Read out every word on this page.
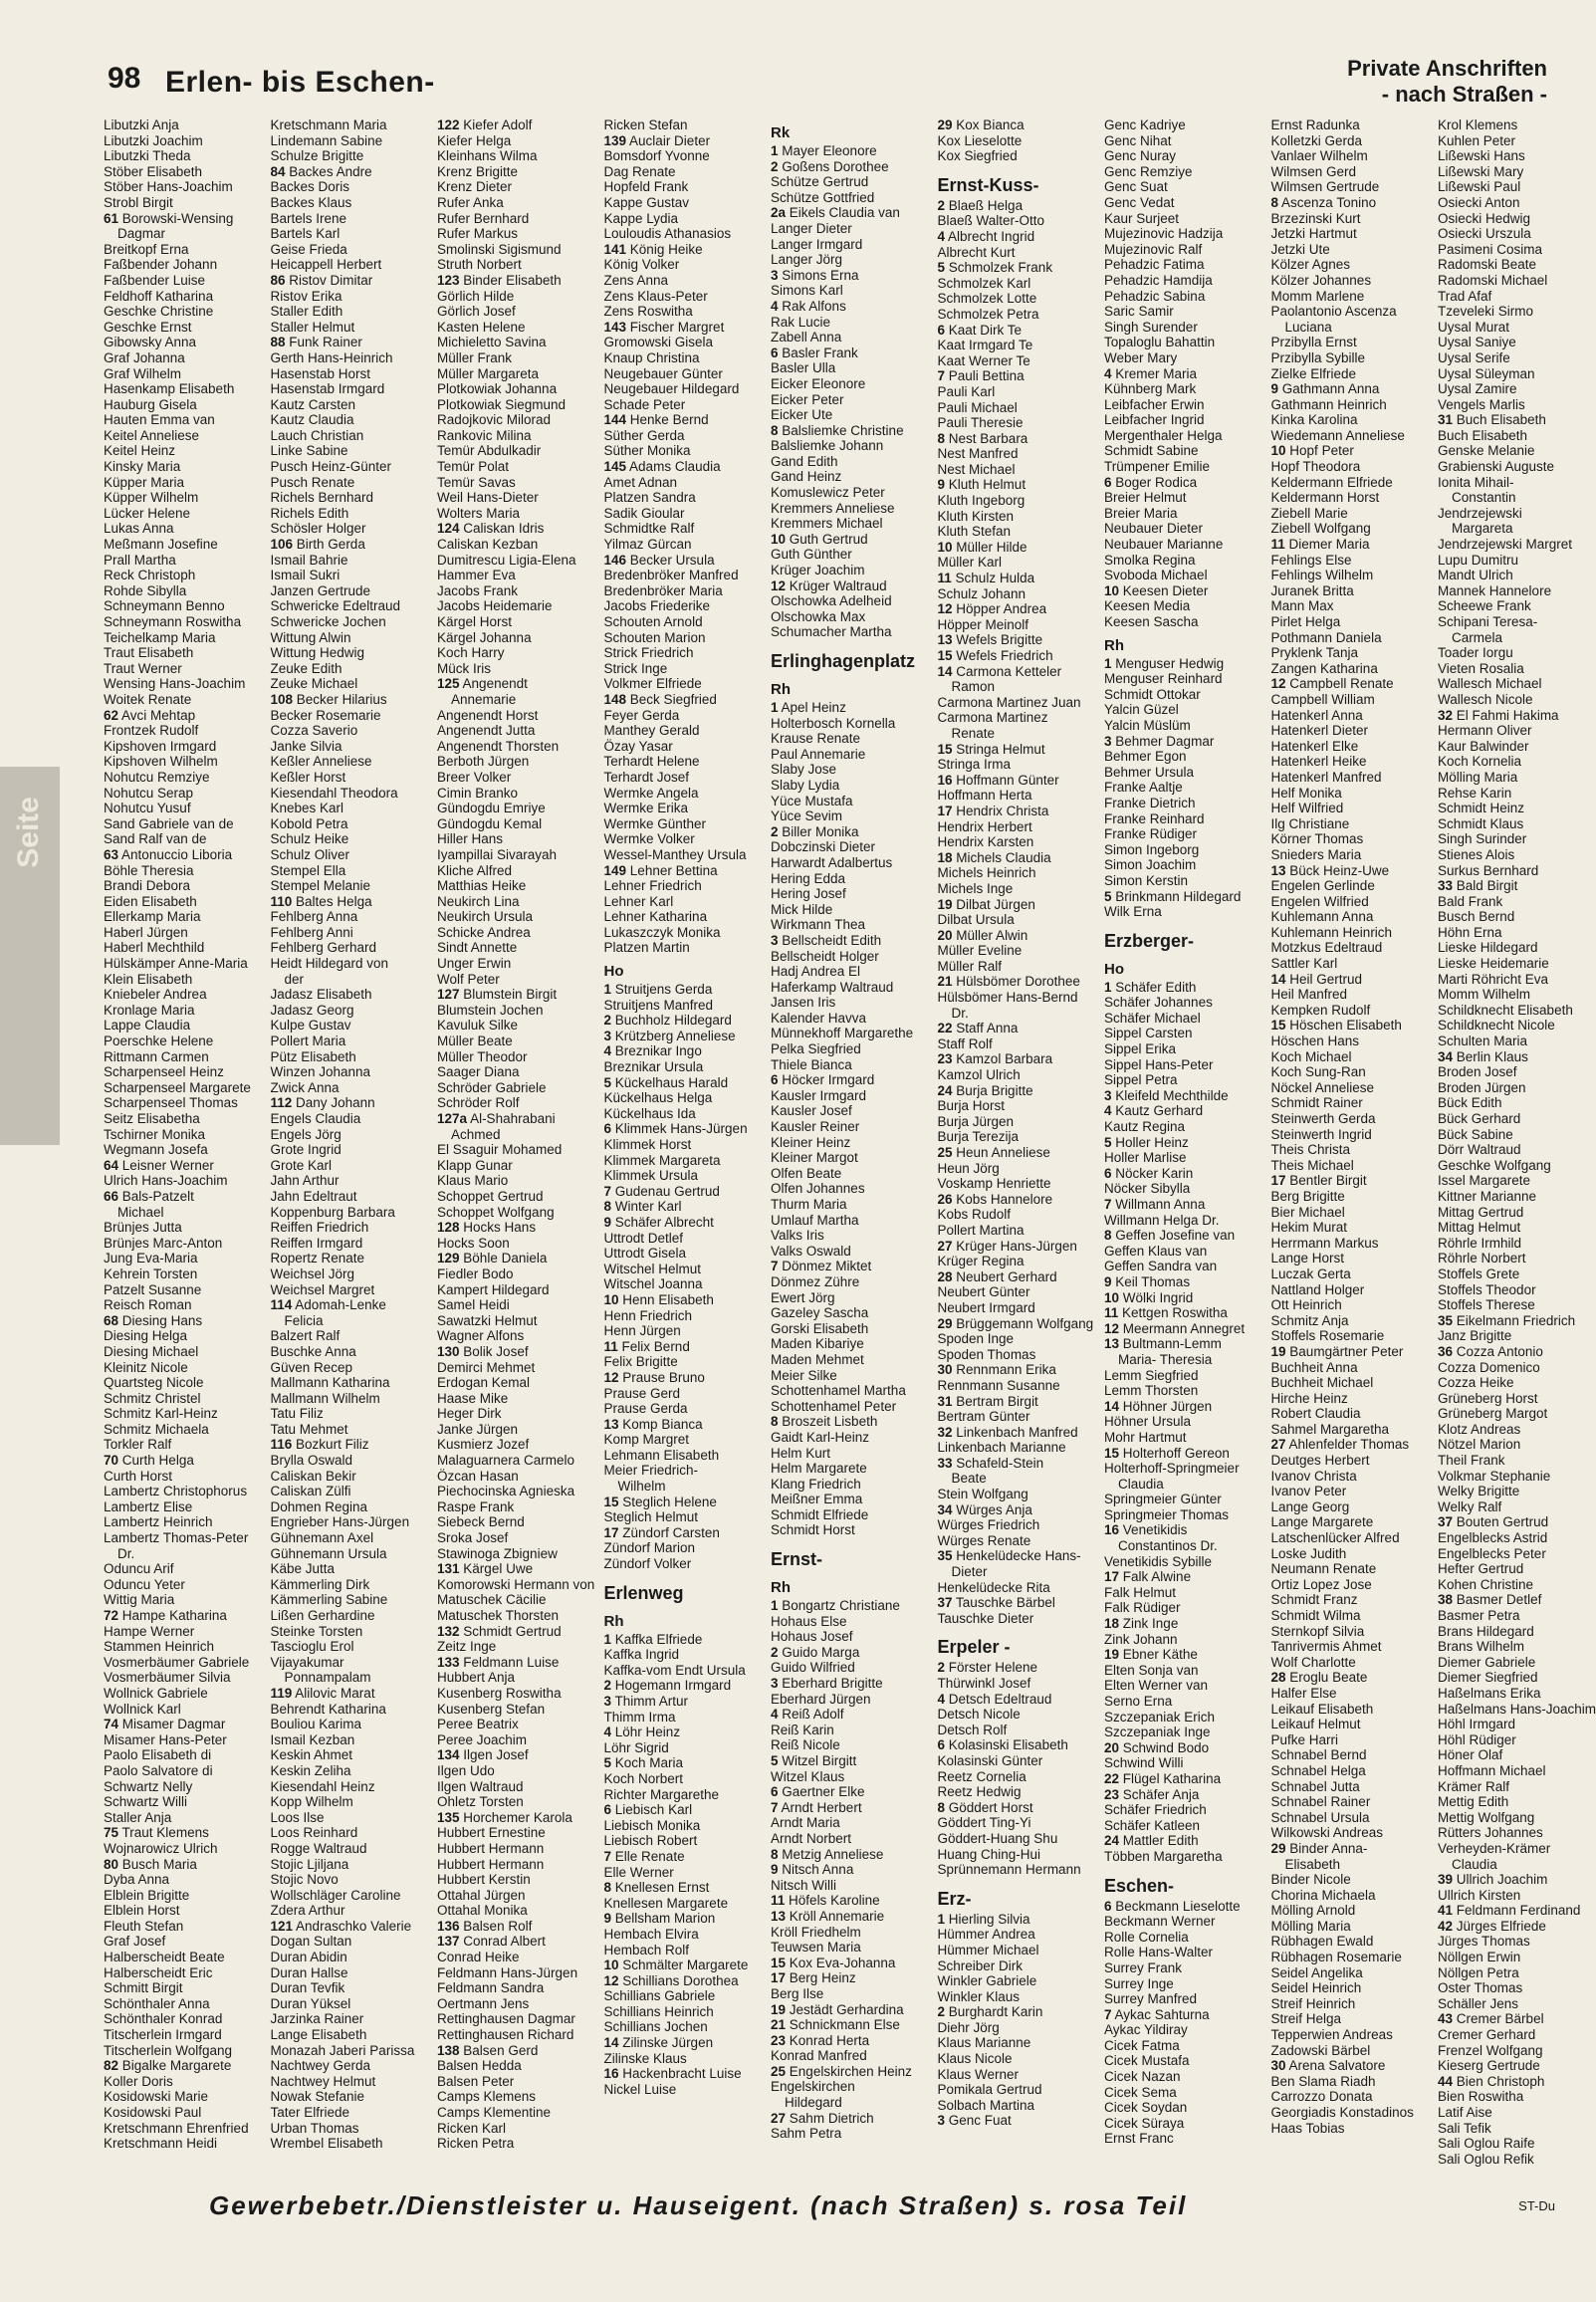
98 Erlen- bis Eschen-	Private Anschriften
- nach Straßen -
Seite
Libutzki Anja
Libutzki Joachim
Libutzki Theda
Stöber Elisabeth
Stöber Hans-Joachim
Strobl Birgit
61 Borowski-Wensing
Dagmar
Breitkopf Erna
Faßbender Johann
Faßbender Luise
Feldhoff Katharina
Geschke Christine
Geschke Ernst
Gibowsky Anna
Graf Johanna
Graf Wilhelm
Hasenkamp Elisabeth
Hauburg Gisela
Hauten Emma van
Keitel Anneliese
Keitel Heinz
Kinsky Maria
Küpper Maria
Küpper Wilhelm
Lücker Helene
Lukas Anna
Meßmann Josefine
Prall Martha
Reck Christoph
Rohde Sibylla
Schneymann Benno
Schneymann Roswitha
Teichelkamp Maria
Traut Elisabeth
Traut Werner
Wensing Hans-Joachim
Woitek Renate
62 Avci Mehtap
Frontzek Rudolf
Kipshoven Irmgard
Kipshoven Wilhelm
Nohutcu Remziye
Nohutcu Serap
Nohutcu Yusuf
Sand Gabriele van de
Sand Ralf van de
63 Antonuccio Liboria
Böhle Theresia
Brandi Debora
Eiden Elisabeth
Ellerkamp Maria
Haberl Jürgen
Haberl Mechthild
Hülskämper Anne-Maria
Klein Elisabeth
Kniebeler Andrea
Kronlage Maria
Lappe Claudia
Poerschke Helene
Rittmann Carmen
Scharpenseel Heinz
Scharpenseel Margarete
Scharpenseel Thomas
Seitz Elisabetha
Tschirner Monika
Wegmann Josefa
64 Leisner Werner
Ulrich Hans-Joachim
66 Bals-Patzelt
Michael
Brünjes Jutta
Brünjes Marc-Anton
Jung Eva-Maria
Kehrein Torsten
Patzelt Susanne
Reisch Roman
68 Diesing Hans
Diesing Helga
Diesing Michael
Kleinitz Nicole
Quartsteg Nicole
Schmitz Christel
Schmitz Karl-Heinz
Schmitz Michaela
Torkler Ralf
70 Curth Helga
Curth Horst
Lambertz Christophorus
Lambertz Elise
Lambertz Heinrich
Lambertz Thomas-Peter
Dr.
Oduncu Arif
Oduncu Yeter
Wittig Maria
72 Hampe Katharina
Hampe Werner
Stammen Heinrich
Vosmerbäumer Gabriele
Vosmerbäumer Silvia
Wollnick Gabriele
Wollnick Karl
74 Misamer Dagmar
Misamer Hans-Peter
Paolo Elisabeth di
Paolo Salvatore di
Schwartz Nelly
Schwartz Willi
Staller Anja
75 Traut Klemens
Wojnarowicz Ulrich
80 Busch Maria
Dyba Anna
Elblein Brigitte
Elblein Horst
Fleuth Stefan
Graf Josef
Halberscheidt Beate
Halberscheidt Eric
Schmitt Birgit
Schönthaler Anna
Schönthaler Konrad
Titscherlein Irmgard
Titscherlein Wolfgang
82 Bigalke Margarete
Koller Doris
Kosidowski Marie
Kosidowski Paul
Kretschmann Ehrenfried
Kretschmann Heidi
Kretschmann Maria
Lindemann Sabine
Schulze Brigitte
84 Backes Andre
Backes Doris
Backes Klaus
Bartels Irene
Bartels Karl
Geise Frieda
Heicappell Herbert
86 Ristov Dimitar
Ristov Erika
Staller Edith
Staller Helmut
88 Funk Rainer
Gerth Hans-Heinrich
Hasenstab Horst
Hasenstab Irmgard
Kautz Carsten
Kautz Claudia
Lauch Christian
Linke Sabine
Pusch Heinz-Günter
Pusch Renate
Richels Bernhard
Richels Edith
Schösler Holger
106 Birth Gerda
Ismail Bahrie
Ismail Sukri
Janzen Gertrude
Schwericke Edeltraud
Schwericke Jochen
Wittung Alwin
Wittung Hedwig
Zeuke Edith
Zeuke Michael
108 Becker Hilarius
Becker Rosemarie
Cozza Saverio
Janke Silvia
Keßler Anneliese
Keßler Horst
Kiesendahl Theodora
Knebes Karl
Kobold Petra
Schulz Heike
Schulz Oliver
Stempel Ella
Stempel Melanie
110 Baltes Helga
Fehlberg Anna
Fehlberg Anni
Fehlberg Gerhard
Heidt Hildegard von
der
Jadasz Elisabeth
Jadasz Georg
Kulpe Gustav
Pollert Maria
Pütz Elisabeth
Winzen Johanna
Zwick Anna
112 Dany Johann
Engels Claudia
Engels Jörg
Grote Ingrid
Grote Karl
Jahn Arthur
Jahn Edeltraut
Koppenburg Barbara
Reiffen Friedrich
Reiffen Irmgard
Ropertz Renate
Weichsel Jörg
Weichsel Margret
114 Adomah-Lenke
Felicia
Balzert Ralf
Buschke Anna
Güven Recep
Mallmann Katharina
Mallmann Wilhelm
Tatu Filiz
Tatu Mehmet
116 Bozkurt Filiz
Brylla Oswald
Caliskan Bekir
Caliskan Zülfi
Dohmen Regina
Engrieber Hans-Jürgen
Gühnemann Axel
Gühnemann Ursula
Käbe Jutta
Kämmerling Dirk
Kämmerling Sabine
Lißen Gerhardine
Steinke Torsten
Tascioglu Erol
Vijayakumar
Ponnampalam
119 Alilovic Marat
Behrendt Katharina
Bouliou Karima
Ismail Kezban
Keskin Ahmet
Keskin Zeliha
Kiesendahl Heinz
Kopp Wilhelm
Loos Ilse
Loos Reinhard
Rogge Waltraud
Stojic Ljiljana
Stojic Novo
Wollschläger Caroline
Zdera Arthur
121 Andraschko Valerie
Dogan Sultan
Duran Abidin
Duran Hallse
Duran Tevfik
Duran Yüksel
Jarzinka Rainer
Lange Elisabeth
Monazah Jaberi Parissa
Nachtwey Gerda
Nachtwey Helmut
Nowak Stefanie
Tater Elfriede
Urban Thomas
Wrembel Elisabeth
122 Kiefer Adolf
Kiefer Helga
Kleinhans Wilma
Krenz Brigitte
Krenz Dieter
Rufer Anka
Rufer Bernhard
Rufer Markus
Smolinski Sigismund
Struth Norbert
123 Binder Elisabeth
Görlich Hilde
Görlich Josef
Kasten Helene
Michieletto Savina
Müller Frank
Müller Margareta
Plotkowiak Johanna
Plotkowiak Siegmund
Radojkovic Milorad
Rankovic Milina
Temür Abdulkadir
Temür Polat
Temür Savas
Weil Hans-Dieter
Wolters Maria
124 Caliskan Idris
Caliskan Kezban
Dumitrescu Ligia-Elena
Hammer Eva
Jacobs Frank
Jacobs Heidemarie
Kärgel Horst
Kärgel Johanna
Koch Harry
Mück Iris
125 Angenendt
Annemarie
Angenendt Horst
Angenendt Jutta
Angenendt Thorsten
Berboth Jürgen
Breer Volker
Cimin Branko
Gündogdu Emriye
Gündogdu Kemal
Hiller Hans
Iyampillai Sivarayah
Kliche Alfred
Matthias Heike
Neukirch Lina
Neukirch Ursula
Schicke Andrea
Sindt Annette
Unger Erwin
Wolf Peter
127 Blumstein Birgit
Blumstein Jochen
Kavuluk Silke
Müller Beate
Müller Theodor
Saager Diana
Schröder Gabriele
Schröder Rolf
127a Al-Shahrabani
Achmed
El Ssaguir Mohamed
Klapp Gunar
Klaus Mario
Schoppet Gertrud
Schoppet Wolfgang
128 Hocks Hans
Hocks Soon
129 Böhle Daniela
Fiedler Bodo
Kampert Hildegard
Samel Heidi
Sawatzki Helmut
Wagner Alfons
130 Bolik Josef
Demirci Mehmet
Erdogan Kemal
Haase Mike
Heger Dirk
Janke Jürgen
Kusmierz Jozef
Malaguarnera Carmelo
Özcan Hasan
Piechocinska Agnieska
Raspe Frank
Siebeck Bernd
Sroka Josef
Stawinoga Zbigniew
131 Kärgel Uwe
Komorowski Hermann von
Matuschek Cäcilie
Matuschek Thorsten
132 Schmidt Gertrud
Zeitz Inge
133 Feldmann Luise
Hubbert Anja
Kusenberg Roswitha
Kusenberg Stefan
Peree Beatrix
Peree Joachim
134 Ilgen Josef
Ilgen Udo
Ilgen Waltraud
Ohletz Torsten
135 Horchemer Karola
Hubbert Ernestine
Hubbert Hermann
Hubbert Hermann
Hubbert Kerstin
Ottahal Jürgen
Ottahal Monika
136 Balsen Rolf
137 Conrad Albert
Conrad Heike
Feldmann Hans-Jürgen
Feldmann Sandra
Oertmann Jens
Rettinghausen Dagmar
Rettinghausen Richard
138 Balsen Gerd
Balsen Hedda
Balsen Peter
Camps Klemens
Camps Klementine
Ricken Karl
Ricken Petra
Ricken Stefan
139 Auclair Dieter
Bomsdorf Yvonne
Dag Renate
Hopfeld Frank
Kappe Gustav
Kappe Lydia
Louloudis Athanasios
141 König Heike
König Volker
Zens Anna
Zens Klaus-Peter
Zens Roswitha
143 Fischer Margret
Gromowski Gisela
Knaup Christina
Neugebauer Günter
Neugebauer Hildegard
Schade Peter
144 Henke Bernd
Süther Gerda
Süther Monika
145 Adams Claudia
Amet Adnan
Platzen Sandra
Sadik Gioular
Schmidtke Ralf
Yilmaz Gürcan
146 Becker Ursula
Bredenbröker Manfred
Bredenbröker Maria
Jacobs Friederike
Schouten Arnold
Schouten Marion
Strick Friedrich
Strick Inge
Volkmer Elfriede
148 Beck Siegfried
Feyer Gerda
Manthey Gerald
Özay Yasar
Terhardt Helene
Terhardt Josef
Wermke Angela
Wermke Erika
Wermke Günther
Wermke Volker
Wessel-Manthey Ursula
149 Lehner Bettina
Lehner Friedrich
Lehner Karl
Lehner Katharina
Lukaszczyk Monika
Platzen Martin
Ho
1 Struitjens Gerda
Struitjens Manfred
2 Buchholz Hildegard
3 Krützberg Anneliese
4 Breznikar Ingo
Breznikar Ursula
5 Kückelhaus Harald
Kückelhaus Helga
Kückelhaus Ida
6 Klimmek Hans-Jürgen
Klimmek Horst
Klimmek Margareta
Klimmek Ursula
7 Gudenau Gertrud
8 Winter Karl
9 Schäfer Albrecht
Uttrodt Detlef
Uttrodt Gisela
Witschel Helmut
Witschel Joanna
10 Henn Elisabeth
Henn Friedrich
Henn Jürgen
11 Felix Bernd
Felix Brigitte
12 Prause Bruno
Prause Gerd
Prause Gerda
13 Komp Bianca
Komp Margret
Lehmann Elisabeth
Meier Friedrich-
Wilhelm
15 Steglich Helene
Steglich Helmut
17 Zündorf Carsten
Zündorf Marion
Zündorf Volker
Erlenweg
Rh
1 Kaffka Elfriede
Kaffka Ingrid
Kaffka-vom Endt Ursula
2 Hogemann Irmgard
3 Thimm Artur
Thimm Irma
4 Löhr Heinz
Löhr Sigrid
5 Koch Maria
Koch Norbert
Richter Margarethe
6 Liebisch Karl
Liebisch Monika
Liebisch Robert
7 Elle Renate
Elle Werner
8 Knellesen Ernst
Knellesen Margarete
9 Bellsham Marion
Hembach Elvira
Hembach Rolf
10 Schmälter Margarete
12 Schillians Dorothea
Schillians Gabriele
Schillians Heinrich
Schillians Jochen
14 Zilinske Jürgen
Zilinske Klaus
16 Hackenbracht Luise
Nickel Luise
Rk
1 Mayer Eleonore
2 Goßens Dorothee
Schütze Gertrud
Schütze Gottfried
2a Eikels Claudia van
Langer Dieter
Langer Irmgard
Langer Jörg
3 Simons Erna
Simons Karl
4 Rak Alfons
Rak Lucie
Zabell Anna
6 Basler Frank
Basler Ulla
Eicker Eleonore
Eicker Peter
Eicker Ute
8 Balsliemke Christine
Balsliemke Johann
Gand Edith
Gand Heinz
Komuslewicz Peter
Kremmers Anneliese
Kremmers Michael
10 Guth Gertrud
Guth Günther
Krüger Joachim
12 Krüger Waltraud
Olschowka Adelheid
Olschowka Max
Schumacher Martha
Erlinghagenplatz
Rh
1 Apel Heinz
Holterbosch Kornella
Krause Renate
Paul Annemarie
Slaby Jose
Slaby Lydia
Yüce Mustafa
Yüce Sevim
2 Biller Monika
Dobczinski Dieter
Harwardt Adalbertus
Hering Edda
Hering Josef
Mick Hilde
Wirkmann Thea
3 Bellscheidt Edith
Bellscheidt Holger
Hadj Andrea El
Haferkamp Waltraud
Jansen Iris
Kalender Havva
Münnekhoff Margarethe
Pelka Siegfried
Thiele Bianca
6 Höcker Irmgard
Kausler Irmgard
Kausler Josef
Kausler Reiner
Kleiner Heinz
Kleiner Margot
Olfen Beate
Olfen Johannes
Thurm Maria
Umlauf Martha
Valks Iris
Valks Oswald
7 Dönmez Miktet
Dönmez Zühre
Ewert Jörg
Gazeley Sascha
Gorski Elisabeth
Maden Kibariye
Maden Mehmet
Meier Silke
Schottenhamel Martha
Schottenhamel Peter
8 Broszeit Lisbeth
Gaidt Karl-Heinz
Helm Kurt
Helm Margarete
Klang Friedrich
Meißner Emma
Schmidt Elfriede
Schmidt Horst
Ernst-
Rh
1 Bongartz Christiane
Hohaus Else
Hohaus Josef
2 Guido Marga
Guido Wilfried
3 Eberhard Brigitte
Eberhard Jürgen
4 Reiß Adolf
Reiß Karin
Reiß Nicole
5 Witzel Birgitt
Witzel Klaus
6 Gaertner Elke
7 Arndt Herbert
Arndt Maria
Arndt Norbert
8 Metzig Anneliese
9 Nitsch Anna
Nitsch Willi
11 Höfels Karoline
13 Kröll Annemarie
Kröll Friedhelm
Teuwsen Maria
15 Kox Eva-Johanna
17 Berg Heinz
Berg Ilse
19 Jestädt Gerhardina
21 Schnickmann Else
23 Konrad Herta
Konrad Manfred
25 Engelskirchen Heinz
Engelskirchen
Hildegard
27 Sahm Dietrich
Sahm Petra
29 Kox Bianca
Kox Lieselotte
Kox Siegfried
Ernst-Kuss-
2 Blaeß Helga
Blaeß Walter-Otto
4 Albrecht Ingrid
Albrecht Kurt
5 Schmolzek Frank
Schmolzek Karl
Schmolzek Lotte
Schmolzek Petra
6 Kaat Dirk Te
Kaat Irmgard Te
Kaat Werner Te
7 Pauli Bettina
Pauli Karl
Pauli Michael
Pauli Theresie
8 Nest Barbara
Nest Manfred
Nest Michael
9 Kluth Helmut
Kluth Ingeborg
Kluth Kirsten
Kluth Stefan
10 Müller Hilde
Müller Karl
11 Schulz Hulda
Schulz Johann
12 Höpper Andrea
Höpper Meinolf
13 Wefels Brigitte
15 Wefels Friedrich
14 Carmona Ketteler
Ramon
Carmona Martinez Juan
Carmona Martinez
Renate
15 Stringa Helmut
Stringa Irma
16 Hoffmann Günter
Hoffmann Herta
17 Hendrix Christa
Hendrix Herbert
Hendrix Karsten
18 Michels Claudia
Michels Heinrich
Michels Inge
19 Dilbat Jürgen
Dilbat Ursula
20 Müller Alwin
Müller Eveline
Müller Ralf
21 Hülsbömer Dorothee
Hülsbömer Hans-Bernd
Dr.
22 Staff Anna
Staff Rolf
23 Kamzol Barbara
Kamzol Ulrich
24 Burja Brigitte
Burja Horst
Burja Jürgen
Burja Terezija
25 Heun Anneliese
Heun Jörg
Voskamp Henriette
26 Kobs Hannelore
Kobs Rudolf
Pollert Martina
27 Krüger Hans-Jürgen
Krüger Regina
28 Neubert Gerhard
Neubert Günter
Neubert Irmgard
29 Brüggemann Wolfgang
Spoden Inge
Spoden Thomas
30 Rennmann Erika
Rennmann Susanne
31 Bertram Birgit
Bertram Günter
32 Linkenbach Manfred
Linkenbach Marianne
33 Schafeld-Stein
Beate
Stein Wolfgang
34 Würges Anja
Würges Friedrich
Würges Renate
35 Henkelüdecke Hans-
Dieter
Henkelüdecke Rita
37 Tauschke Bärbel
Tauschke Dieter
Erpeler -
2 Förster Helene
Thürwinkl Josef
4 Detsch Edeltraud
Detsch Nicole
Detsch Rolf
6 Kolasinski Elisabeth
Kolasinski Günter
Reetz Cornelia
Reetz Hedwig
8 Göddert Horst
Göddert Ting-Yi
Göddert-Huang Shu
Huang Ching-Hui
Sprünnemann Hermann
Erz-
1 Hierling Silvia
Hümmer Andrea
Hümmer Michael
Schreiber Dirk
Winkler Gabriele
Winkler Klaus
2 Burghardt Karin
Diehr Jörg
Klaus Marianne
Klaus Nicole
Klaus Werner
Pomikala Gertrud
Solbach Martina
3 Genc Fuat
Genc Kadriye
Genc Nihat
Genc Nuray
Genc Remziye
Genc Suat
Genc Vedat
Kaur Surjeet
Mujezinovic Hadzija
Mujezinovic Ralf
Pehadzic Fatima
Pehadzic Hamdija
Pehadzic Sabina
Saric Samir
Singh Surender
Topaloglu Bahattin
Weber Mary
4 Kremer Maria
Kühnberg Mark
Leibfacher Erwin
Leibfacher Ingrid
Mergenthaler Helga
Schmidt Sabine
Trümpener Emilie
6 Boger Rodica
Breier Helmut
Breier Maria
Neubauer Dieter
Neubauer Marianne
Smolka Regina
Svoboda Michael
10 Keesen Dieter
Keesen Media
Keesen Sascha
Rh
1 Menguser Hedwig
Menguser Reinhard
Schmidt Ottokar
Yalcin Güzel
Yalcin Müslüm
3 Behmer Dagmar
Behmer Egon
Behmer Ursula
Franke Aaltje
Franke Dietrich
Franke Reinhard
Franke Rüdiger
Simon Ingeborg
Simon Joachim
Simon Kerstin
5 Brinkmann Hildegard
Wilk Erna
Erzberger-
Ho
1 Schäfer Edith
Schäfer Johannes
Schäfer Michael
Sippel Carsten
Sippel Erika
Sippel Hans-Peter
Sippel Petra
3 Kleifeld Mechthilde
4 Kautz Gerhard
Kautz Regina
5 Holler Heinz
Holler Marlise
6 Nöcker Karin
Nöcker Sibylla
7 Willmann Anna
Willmann Helga Dr.
8 Geffen Josefine van
Geffen Klaus van
Geffen Sandra van
9 Keil Thomas
10 Wölki Ingrid
11 Kettgen Roswitha
12 Meermann Annegret
13 Bultmann-Lemm
Maria- Theresia
Lemm Siegfried
Lemm Thorsten
14 Höhner Jürgen
Höhner Ursula
Mohr Hartmut
15 Holterhoff Gereon
Holterhoff-Springmeier
Claudia
Springmeier Günter
Springmeier Thomas
16 Venetikidis
Constantinos Dr.
Venetikidis Sybille
17 Falk Alwine
Falk Helmut
Falk Rüdiger
18 Zink Inge
Zink Johann
19 Ebner Käthe
Elten Sonja van
Elten Werner van
Serno Erna
Szczepaniak Erich
Szczepaniak Inge
20 Schwind Bodo
Schwind Willi
22 Flügel Katharina
23 Schäfer Anja
Schäfer Friedrich
Schäfer Katleen
24 Mattler Edith
Többen Margaretha
Eschen-
6 Beckmann Lieselotte
Beckmann Werner
Rolle Cornelia
Rolle Hans-Walter
Surrey Frank
Surrey Inge
Surrey Manfred
7 Aykac Sahturna
Aykac Yildiray
Cicek Fatma
Cicek Mustafa
Cicek Nazan
Cicek Sema
Cicek Soydan
Cicek Süraya
Ernst Franc
Ernst Radunka
Kolletzki Gerda
Vanlaer Wilhelm
Wilmsen Gerd
Wilmsen Gertrude
8 Ascenza Tonino
Brzezinski Kurt
Jetzki Hartmut
Jetzki Ute
Kölzer Agnes
Kölzer Johannes
Momm Marlene
Paolantonio Ascenza
Luciana
Przibylla Ernst
Przibylla Sybille
Zielke Elfriede
9 Gathmann Anna
Gathmann Heinrich
Kinka Karolina
Wiedemann Anneliese
10 Hopf Peter
Hopf Theodora
Keldermann Elfriede
Keldermann Horst
Ziebell Marie
Ziebell Wolfgang
11 Diemer Maria
Fehlings Else
Fehlings Wilhelm
Juranek Britta
Mann Max
Pirlet Helga
Pothmann Daniela
Pryklenk Tanja
Zangen Katharina
12 Campbell Renate
Campbell William
Hatenkerl Anna
Hatenkerl Dieter
Hatenkerl Elke
Hatenkerl Heike
Hatenkerl Manfred
Helf Monika
Helf Wilfried
Ilg Christiane
Körner Thomas
Snieders Maria
13 Bück Heinz-Uwe
Engelen Gerlinde
Engelen Wilfried
Kuhlemann Anna
Kuhlemann Heinrich
Motzkus Edeltraud
Sattler Karl
14 Heil Gertrud
Heil Manfred
Kempken Rudolf
15 Höschen Elisabeth
Höschen Hans
Koch Michael
Koch Sung-Ran
Nöckel Anneliese
Schmidt Rainer
Steinwerth Gerda
Steinwerth Ingrid
Theis Christa
Theis Michael
17 Bentler Birgit
Berg Brigitte
Bier Michael
Hekim Murat
Herrmann Markus
Lange Horst
Luczak Gerta
Nattland Holger
Ott Heinrich
Schmitz Anja
Stoffels Rosemarie
19 Baumgärtner Peter
Buchheit Anna
Buchheit Michael
Hirche Heinz
Robert Claudia
Sahmel Margaretha
27 Ahlenfelder Thomas
Deutges Herbert
Ivanov Christa
Ivanov Peter
Lange Georg
Lange Margarete
Latschenlücker Alfred
Loske Judith
Neumann Renate
Ortiz Lopez Jose
Schmidt Franz
Schmidt Wilma
Sternkopf Silvia
Tanrivermis Ahmet
Wolf Charlotte
28 Eroglu Beate
Halfer Else
Leikauf Elisabeth
Leikauf Helmut
Pufke Harri
Schnabel Bernd
Schnabel Helga
Schnabel Jutta
Schnabel Rainer
Schnabel Ursula
Wilkowski Andreas
29 Binder Anna-
Elisabeth
Binder Nicole
Chorina Michaela
Mölling Arnold
Mölling Maria
Rübhagen Ewald
Rübhagen Rosemarie
Seidel Angelika
Seidel Heinrich
Streif Heinrich
Streif Helga
Tepperwien Andreas
Zadowski Bärbel
30 Arena Salvatore
Ben Slama Riadh
Carrozzo Donata
Georgiadis Konstadinos
Haas Tobias
Krol Klemens
Kuhlen Peter
Lißewski Hans
Lißewski Mary
Lißewski Paul
Osiecki Anton
Osiecki Hedwig
Osiecki Urszula
Pasimeni Cosima
Radomski Beate
Radomski Michael
Trad Afaf
Tzeveleki Sirmo
Uysal Murat
Uysal Saniye
Uysal Serife
Uysal Süleyman
Uysal Zamire
Vengels Marlis
31 Buch Elisabeth
Buch Elisabeth
Genske Melanie
Grabienski Auguste
Ionita Mihail-
Constantin
Jendrzejewski
Margareta
Jendrzejewski Margret
Lupu Dumitru
Mandt Ulrich
Mannek Hannelore
Scheewe Frank
Schipani Teresa-
Carmela
Toader Iorgu
Vieten Rosalia
Wallesch Michael
Wallesch Nicole
32 El Fahmi Hakima
Hermann Oliver
Kaur Balwinder
Koch Kornelia
Mölling Maria
Rehse Karin
Schmidt Heinz
Schmidt Klaus
Singh Surinder
Stienes Alois
Surkus Bernhard
33 Bald Birgit
Bald Frank
Busch Bernd
Höhn Erna
Lieske Hildegard
Lieske Heidemarie
Marti Röhricht Eva
Momm Wilhelm
Schildknecht Elisabeth
Schildknecht Nicole
Schulten Maria
34 Berlin Klaus
Broden Josef
Broden Jürgen
Bück Edith
Bück Gerhard
Bück Sabine
Dörr Waltraud
Geschke Wolfgang
Issel Margarete
Kittner Marianne
Mittag Gertrud
Mittag Helmut
Röhrle Irmhild
Röhrle Norbert
Stoffels Grete
Stoffels Theodor
Stoffels Therese
35 Eikelmann Friedrich
Janz Brigitte
36 Cozza Antonio
Cozza Domenico
Cozza Heike
Grüneberg Horst
Grüneberg Margot
Klotz Andreas
Nötzel Marion
Theil Frank
Volkmar Stephanie
Welky Brigitte
Welky Ralf
37 Bouten Gertrud
Engelblecks Astrid
Engelblecks Peter
Hefter Gertrud
Kohen Christine
38 Basmer Detlef
Basmer Petra
Brans Hildegard
Brans Wilhelm
Diemer Gabriele
Diemer Siegfried
Haßelmans Erika
Haßelmans Hans-Joachim
Höhl Irmgard
Höhl Rüdiger
Höner Olaf
Hoffmann Michael
Krämer Ralf
Mettig Edith
Mettig Wolfgang
Rütters Johannes
Verheyden-Krämer
Claudia
39 Ullrich Joachim
Ullrich Kirsten
41 Feldmann Ferdinand
42 Jürges Elfriede
Jürges Thomas
Nöllgen Erwin
Nöllgen Petra
Oster Thomas
Schäller Jens
43 Cremer Bärbel
Cremer Gerhard
Frenzel Wolfgang
Kieserg Gertrude
44 Bien Christoph
Bien Roswitha
Latif Aise
Sali Tefik
Sali Oglou Raife
Sali Oglou Refik
Gewerbebetr./Dienstleister u. Hauseigent. (nach Straßen) s. rosa Teil	ST-Du
